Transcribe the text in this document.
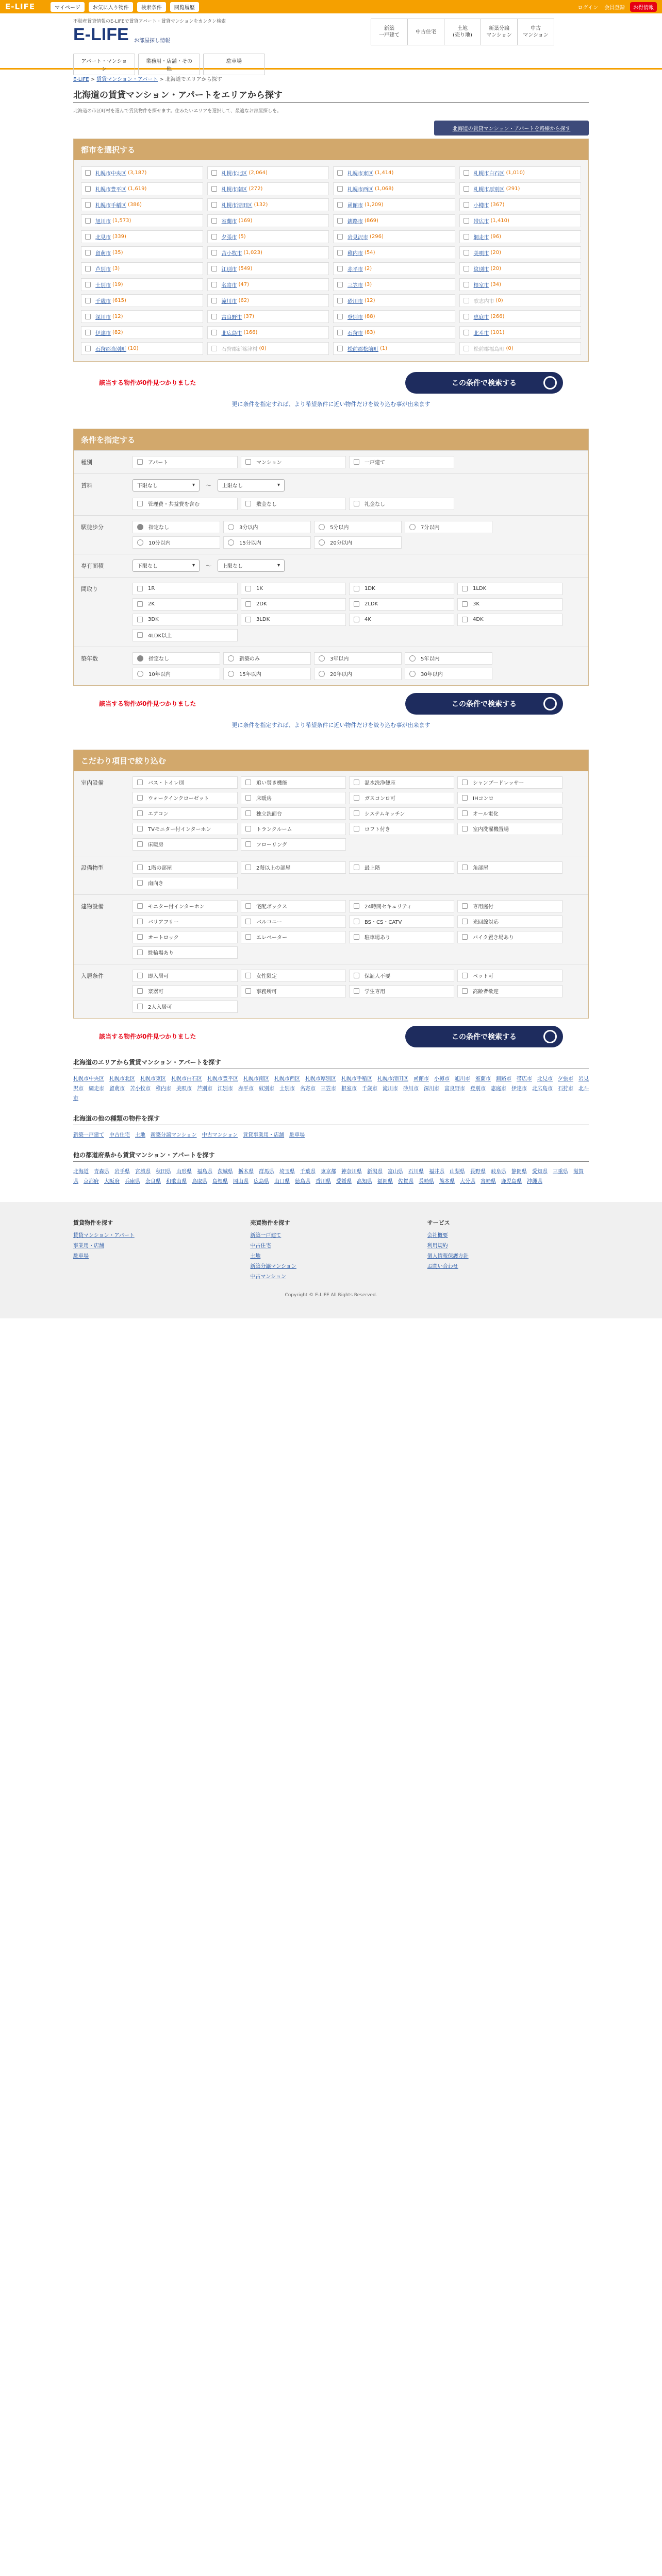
E-LIFE	マイページ	お気に入り物件	検索条件	閲覧履歴	ログイン 会員登録	お得情報
不動産賃貸情報のE-LIFEで賃貸アパート・賃貸マンションをカンタン検索
E-LIFE お部屋探し情報
新築
一戸建て
中古住宅
土地
(売り地)
新築分譲
マンション
中古
マンション
アパート・マンション
業務用・店舗・その他
駐車場
E-LIFE > 賃貸マンション・アパート > 北海道でエリアから探す
北海道の賃貸マンション・アパートをエリアから探す

北海道の市区町村を選んで賃貸物件を探せます。住みたいエリアを選択して、最適なお部屋探しを。

北海道の賃貸マンション・アパートを路線から探す
都市を選択する
札幌市中央区 (3,187)	札幌市北区 (2,064)	札幌市東区 (1,414)	札幌市白石区 (1,010)
札幌市豊平区 (1,619)	札幌市南区 (272)	札幌市西区 (1,068)	札幌市厚別区 (291)
札幌市手稲区 (386)	札幌市清田区 (132)	函館市 (1,209)	小樽市 (367)
旭川市 (1,573)	室蘭市 (169)	釧路市 (869)	帯広市 (1,410)
北見市 (339)	夕張市 (5)	岩見沢市 (296)	網走市 (96)
留萌市 (35)	苫小牧市 (1,023)	稚内市 (54)	美唄市 (20)
芦別市 (3)	江別市 (549)	赤平市 (2)	紋別市 (20)
士別市 (19)	名寄市 (47)	三笠市 (3)	根室市 (34)
千歳市 (615)	滝川市 (62)	砂川市 (12)	歌志内市 (0)
深川市 (12)	富良野市 (37)	登別市 (88)	恵庭市 (266)
伊達市 (82)	北広島市 (166)	石狩市 (83)	北斗市 (101)
石狩郡当別町 (10)	石狩郡新篠津村 (0)	松前郡松前町 (1)	松前郡福島町 (0)
該当する物件が0件見つかりました	この条件で検索する

更に条件を指定すれば、より希望条件に近い物件だけを絞り込む事が出来ます

条件を指定する
種別	アパート	マンション	一戸建て
賃料	下限なし	▾	〜	上限なし	▾
管理費・共益費を含む	敷金なし	礼金なし
駅徒歩分	指定なし	3分以内	5分以内	7分以内
10分以内	15分以内	20分以内
専有面積	下限なし	▾	〜	上限なし	▾
間取り	1R	1K	1DK	1LDK
2K	2DK	2LDK	3K
3DK	3LDK	4K	4DK
4LDK以上
築年数	指定なし	新築のみ	3年以内	5年以内
10年以内	15年以内	20年以内	30年以内
該当する物件が0件見つかりました	この条件で検索する

更に条件を指定すれば、より希望条件に近い物件だけを絞り込む事が出来ます

こだわり項目で絞り込む
室内設備	バス・トイレ別	追い焚き機能	温水洗浄便座	シャンプードレッサー
ウォークインクローゼット	床暖房	ガスコンロ可	IHコンロ
エアコン	独立洗面台	システムキッチン	オール電化
TVモニター付インターホン	トランクルーム	ロフト付き	室内洗濯機置場
床暖房	フローリング
設備物型	1階の部屋	2階以上の部屋	最上階	角部屋
南向き
建物設備	モニター付インターホン	宅配ボックス	24時間セキュリティ	専用庭付
バリアフリー	バルコニー	BS・CS・CATV	光回線対応
オートロック	エレベーター	駐車場あり	バイク置き場あり
駐輪場あり
入居条件	即入居可	女性限定	保証人不要	ペット可
楽器可	事務所可	学生専用	高齢者歓迎
2人入居可
該当する物件が0件見つかりました	この条件で検索する
北海道のエリアから賃貸マンション・アパートを探す
札幌市中央区 札幌市北区 札幌市東区 札幌市白石区 札幌市豊平区 札幌市南区 札幌市西区 札幌市厚別区 札幌市手稲区 札幌市清田区 函館市 小樽市 旭川市 室蘭市 釧路市 帯広市 北見市 夕張市 岩見沢市 網走市 留萌市 苫小牧市 稚内市 美唄市 芦別市 江別市 赤平市 紋別市 士別市 名寄市 三笠市 根室市 千歳市 滝川市 砂川市 深川市 富良野市 登別市 恵庭市 伊達市 北広島市 石狩市 北斗市
北海道の他の種類の物件を探す
新築一戸建て 中古住宅 土地 新築分譲マンション 中古マンション 賃貸事業用・店舗 駐車場
他の都道府県から賃貸マンション・アパートを探す
北海道 青森県 岩手県 宮城県 秋田県 山形県 福島県 茨城県 栃木県 群馬県 埼玉県 千葉県 東京都 神奈川県 新潟県 富山県 石川県 福井県 山梨県 長野県 岐阜県 静岡県 愛知県 三重県 滋賀県 京都府 大阪府 兵庫県 奈良県 和歌山県 鳥取県 島根県 岡山県 広島県 山口県 徳島県 香川県 愛媛県 高知県 福岡県 佐賀県 長崎県 熊本県 大分県 宮崎県 鹿児島県 沖縄県
賃貸物件を探す
賃貸マンション・アパート
事業用・店舗
駐車場

売買物件を探す
新築一戸建て
中古住宅
土地
新築分譲マンション
中古マンション

サービス
会社概要
利用規約
個人情報保護方針
お問い合わせ

Copyright © E-LIFE All Rights Reserved.
